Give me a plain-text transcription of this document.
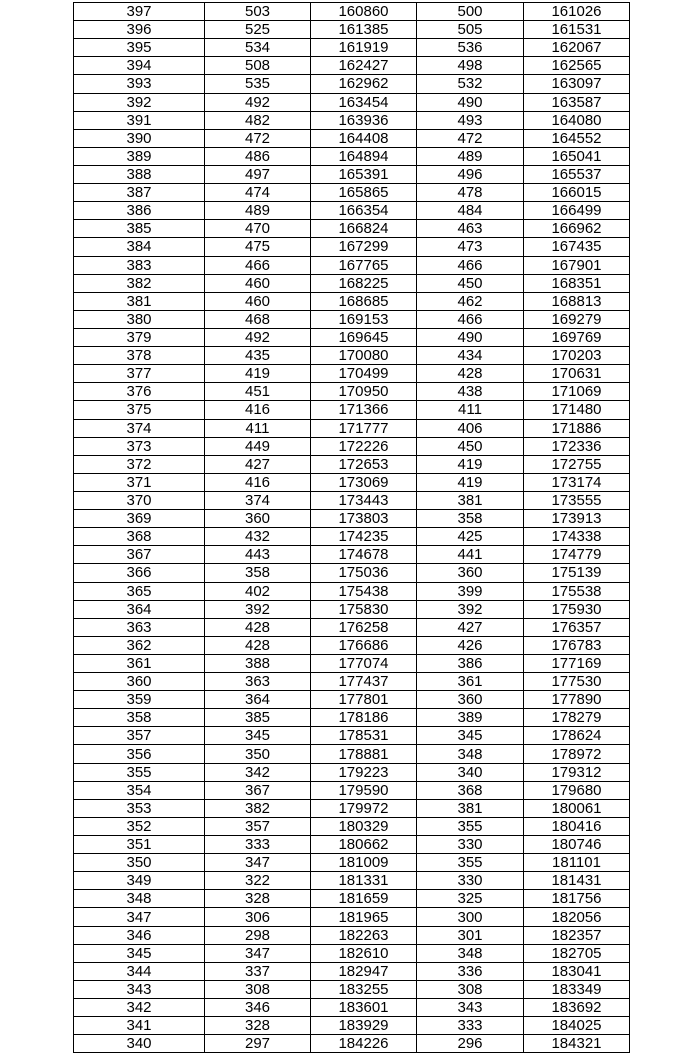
397	503	160860	500	161026
396	525	161385	505	161531
395	534	161919	536	162067
394	508	162427	498	162565
393	535	162962	532	163097
392	492	163454	490	163587
391	482	163936	493	164080
390	472	164408	472	164552
389	486	164894	489	165041
388	497	165391	496	165537
387	474	165865	478	166015
386	489	166354	484	166499
385	470	166824	463	166962
384	475	167299	473	167435
383	466	167765	466	167901
382	460	168225	450	168351
381	460	168685	462	168813
380	468	169153	466	169279
379	492	169645	490	169769
378	435	170080	434	170203
377	419	170499	428	170631
376	451	170950	438	171069
375	416	171366	411	171480
374	411	171777	406	171886
373	449	172226	450	172336
372	427	172653	419	172755
371	416	173069	419	173174
370	374	173443	381	173555
369	360	173803	358	173913
368	432	174235	425	174338
367	443	174678	441	174779
366	358	175036	360	175139
365	402	175438	399	175538
364	392	175830	392	175930
363	428	176258	427	176357
362	428	176686	426	176783
361	388	177074	386	177169
360	363	177437	361	177530
359	364	177801	360	177890
358	385	178186	389	178279
357	345	178531	345	178624
356	350	178881	348	178972
355	342	179223	340	179312
354	367	179590	368	179680
353	382	179972	381	180061
352	357	180329	355	180416
351	333	180662	330	180746
350	347	181009	355	181101
349	322	181331	330	181431
348	328	181659	325	181756
347	306	181965	300	182056
346	298	182263	301	182357
345	347	182610	348	182705
344	337	182947	336	183041
343	308	183255	308	183349
342	346	183601	343	183692
341	328	183929	333	184025
340	297	184226	296	184321
